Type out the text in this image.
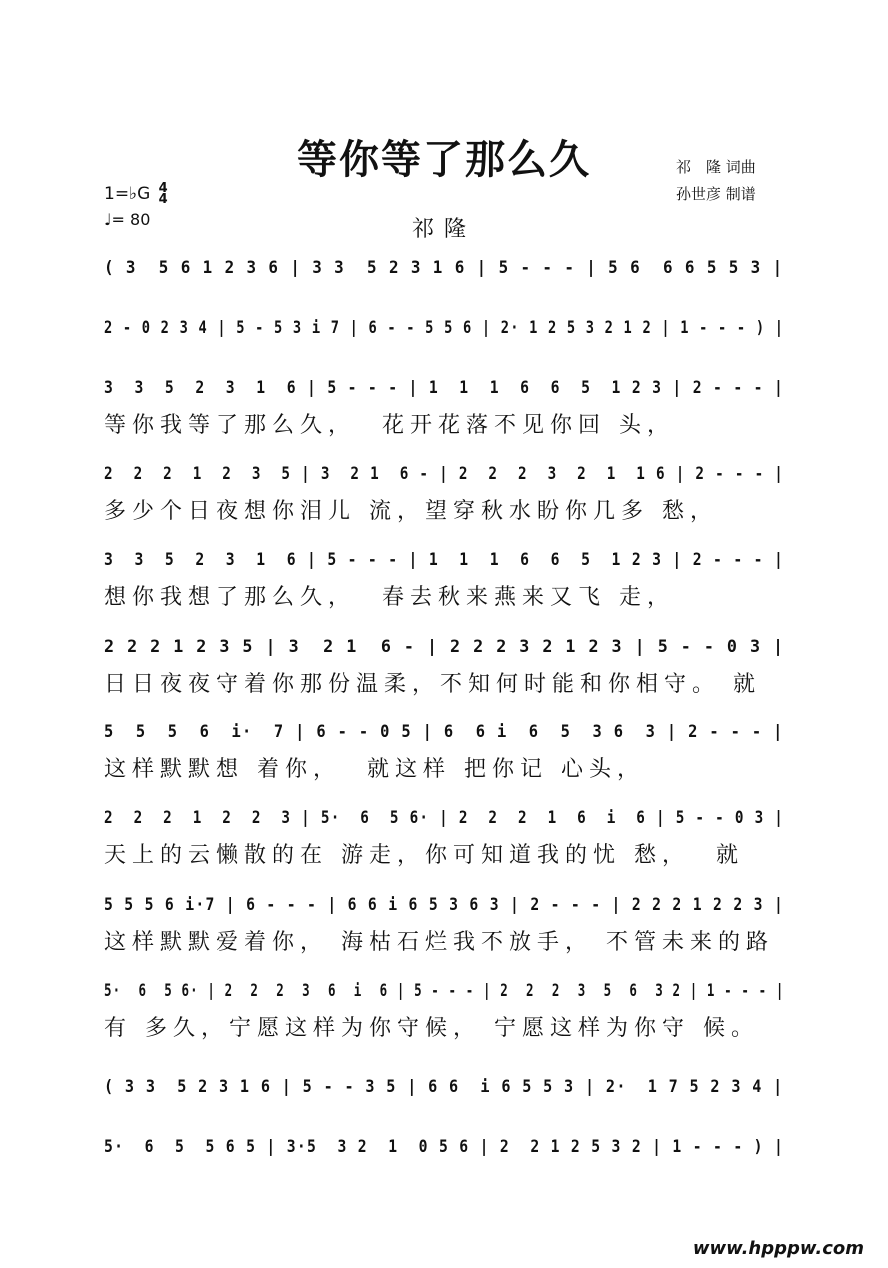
等你等了那么久	祁　隆 词曲
孙世彦 制谱
1=♭G 4
4
♩= 80	祁隆
( 3  5 6 1 2 3 6 | 3 3  5 2 3 1 6 | 5 - - - | 5 6  6 6 5 5 3 |
2 - 0 2 3 4 | 5 - 5 3 i 7 | 6 - - 5 5 6 | 2· 1 2 5 3 2 1 2 | 1 - - - ) |
3  3  5  2  3  1  6 | 5 - - - | 1  1  1  6  6  5  1 2 3 | 2 - - - |
等你我等了那么久，  花开花落不见你回 头，
2  2  2  1  2  3  5 | 3  2 1  6 - | 2  2  2  3  2  1  1 6 | 2 - - - |
多少个日夜想你泪儿 流，望穿秋水盼你几多 愁，
3  3  5  2  3  1  6 | 5 - - - | 1  1  1  6  6  5  1 2 3 | 2 - - - |
想你我想了那么久，  春去秋来燕来又飞 走，
2 2 2 1 2 3 5 | 3  2 1  6 - | 2 2 2 3 2 1 2 3 | 5 - - 0 3 |
日日夜夜守着你那份温柔，不知何时能和你相守。 就
5  5  5  6  i·  7 | 6 - - 0 5 | 6  6 i  6  5  3 6  3 | 2 - - - |
这样默默想 着你，  就这样 把你记 心头，
2  2  2  1  2  2  3 | 5·  6  5 6· | 2  2  2  1  6  i  6 | 5 - - 0 3 |
天上的云懒散的在 游走，你可知道我的忧 愁，  就
5 5 5 6 i·7 | 6 - - - | 6 6 i 6 5 3 6 3 | 2 - - - | 2 2 2 1 2 2 3 |
这样默默爱着你， 海枯石烂我不放手， 不管未来的路
5·  6  5 6· | 2  2  2  3  6  i  6 | 5 - - - | 2  2  2  3  5  6  3 2 | 1 - - - |
有 多久，宁愿这样为你守候， 宁愿这样为你守 候。
( 3 3  5 2 3 1 6 | 5 - - 3 5 | 6 6  i 6 5 5 3 | 2·  1 7 5 2 3 4 |
5·  6  5  5 6 5 | 3·5  3 2  1  0 5 6 | 2  2 1 2 5 3 2 | 1 - - - ) |
www.hpppw.com
